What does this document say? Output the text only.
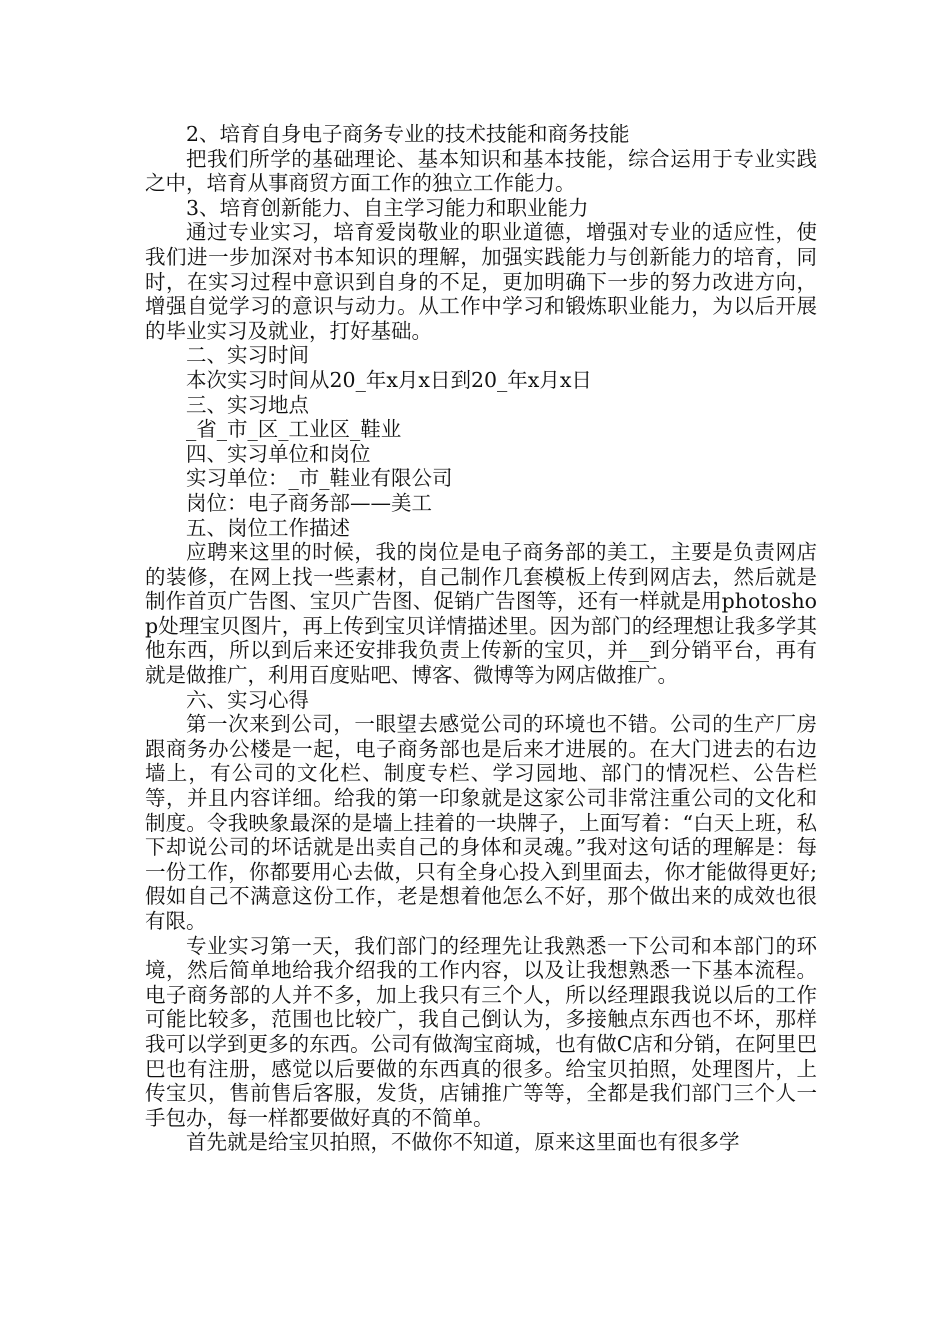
2、培育自身电子商务专业的技术技能和商务技能

把我们所学的基础理论、基本知识和基本技能，综合运用于专业实践之中，培育从事商贸方面工作的独立工作能力。

3、培育创新能力、自主学习能力和职业能力

通过专业实习，培育爱岗敬业的职业道德，增强对专业的适应性，使我们进一步加深对书本知识的理解，加强实践能力与创新能力的培育，同时，在实习过程中意识到自身的不足，更加明确下一步的努力改进方向，增强自觉学习的意识与动力。从工作中学习和锻炼职业能力，为以后开展的毕业实习及就业，打好基础。

二、实习时间

本次实习时间从20_年x月x日到20_年x月x日

三、实习地点

_省_市_区_工业区_鞋业

四、实习单位和岗位

实习单位：_市_鞋业有限公司

岗位：电子商务部——美工

五、岗位工作描述

应聘来这里的时候，我的岗位是电子商务部的美工，主要是负责网店的装修，在网上找一些素材，自己制作几套模板上传到网店去，然后就是制作首页广告图、宝贝广告图、促销广告图等，还有一样就是用photoshop处理宝贝图片，再上传到宝贝详情描述里。因为部门的经理想让我多学其他东西，所以到后来还安排我负责上传新的宝贝，并__到分销平台，再有就是做推广，利用百度贴吧、博客、微博等为网店做推广。

六、实习心得

第一次来到公司，一眼望去感觉公司的环境也不错。公司的生产厂房跟商务办公楼是一起，电子商务部也是后来才进展的。在大门进去的右边墙上，有公司的文化栏、制度专栏、学习园地、部门的情况栏、公告栏等，并且内容详细。给我的第一印象就是这家公司非常注重公司的文化和制度。令我映象最深的是墙上挂着的一块牌子，上面写着：“白天上班，私下却说公司的坏话就是出卖自己的身体和灵魂。”我对这句话的理解是：每一份工作，你都要用心去做，只有全身心投入到里面去，你才能做得更好;假如自己不满意这份工作，老是想着他怎么不好，那个做出来的成效也很有限。

专业实习第一天，我们部门的经理先让我熟悉一下公司和本部门的环境，然后简单地给我介绍我的工作内容，以及让我想熟悉一下基本流程。电子商务部的人并不多，加上我只有三个人，所以经理跟我说以后的工作可能比较多，范围也比较广，我自己倒认为，多接触点东西也不坏，那样我可以学到更多的东西。公司有做淘宝商城，也有做C店和分销，在阿里巴巴也有注册，感觉以后要做的东西真的很多。给宝贝拍照，处理图片，上传宝贝，售前售后客服，发货，店铺推广等等，全都是我们部门三个人一手包办，每一样都要做好真的不简单。

首先就是给宝贝拍照，不做你不知道，原来这里面也有很多学
